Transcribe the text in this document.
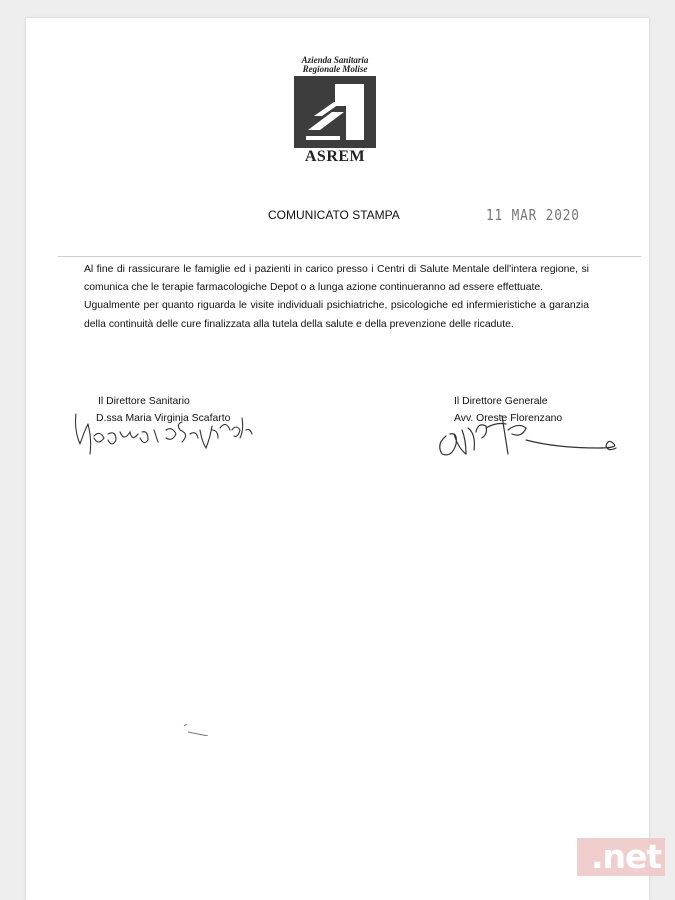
Azienda Sanitaria
Regionale Molise
ASREM
COMUNICATO STAMPA	11 MAR 2020

Al fine di rassicurare le famiglie ed i pazienti in carico presso i Centri di Salute Mentale dell'intera regione, si comunica che le terapie farmacologiche Depot o a lunga azione continueranno ad essere effettuate.

Ugualmente per quanto riguarda le visite individuali psichiatriche, psicologiche ed infermieristiche a garanzia della continuità delle cure finalizzata alla tutela della salute e della prevenzione delle ricadute.

Il Direttore Sanitario
D.ssa Maria Virginia Scafarto
Il Direttore Generale
Avv. Oreste Florenzano
.net
